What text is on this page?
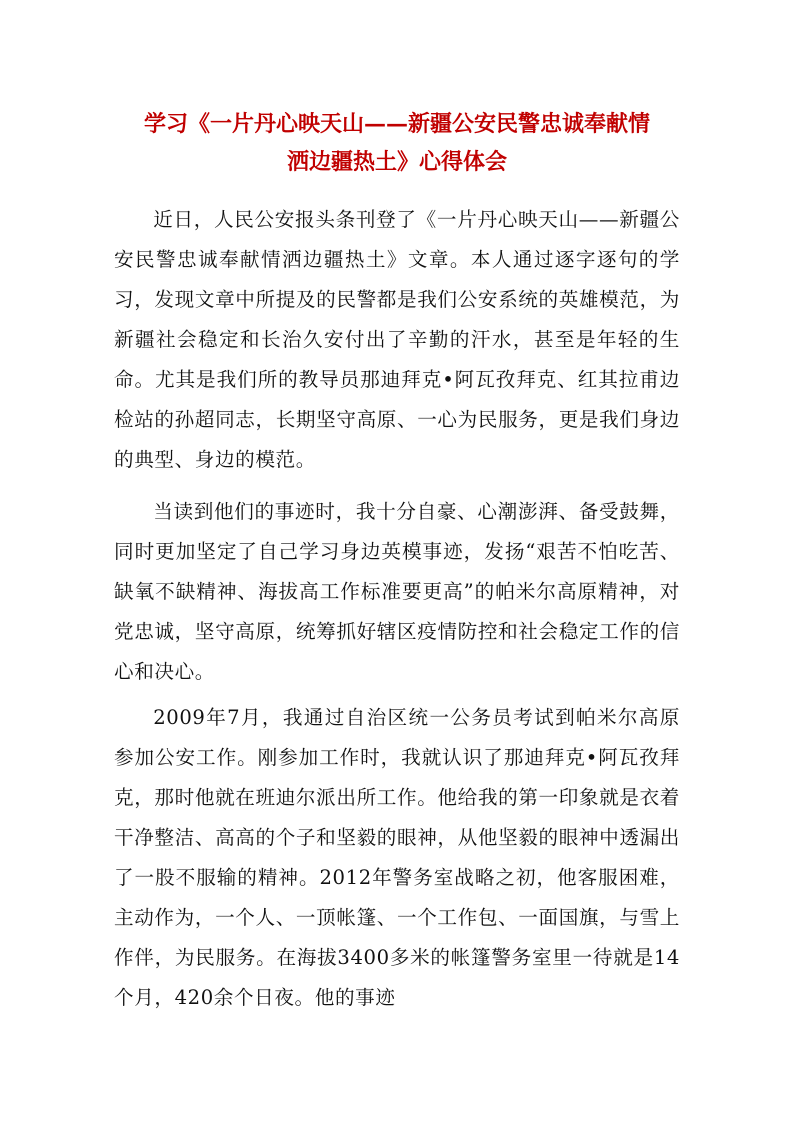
学习《一片丹心映天山——新疆公安民警忠诚奉献情
洒边疆热土》心得体会

近日，人民公安报头条刊登了《一片丹心映天山——新疆公安民警忠诚奉献情洒边疆热土》文章。本人通过逐字逐句的学习，发现文章中所提及的民警都是我们公安系统的英雄模范，为新疆社会稳定和长治久安付出了辛勤的汗水，甚至是年轻的生命。尤其是我们所的教导员那迪拜克•阿瓦孜拜克、红其拉甫边检站的孙超同志，长期坚守高原、一心为民服务，更是我们身边的典型、身边的模范。

当读到他们的事迹时，我十分自豪、心潮澎湃、备受鼓舞，同时更加坚定了自己学习身边英模事迹，发扬“艰苦不怕吃苦、缺氧不缺精神、海拔高工作标准要更高”的帕米尔高原精神，对党忠诚，坚守高原，统筹抓好辖区疫情防控和社会稳定工作的信心和决心。

2009年7月，我通过自治区统一公务员考试到帕米尔高原参加公安工作。刚参加工作时，我就认识了那迪拜克•阿瓦孜拜克，那时他就在班迪尔派出所工作。他给我的第一印象就是衣着干净整洁、高高的个子和坚毅的眼神，从他坚毅的眼神中透漏出了一股不服输的精神。2012年警务室战略之初，他客服困难，主动作为，一个人、一顶帐篷、一个工作包、一面国旗，与雪上作伴，为民服务。在海拔3400多米的帐篷警务室里一待就是14个月，420余个日夜。他的事迹
